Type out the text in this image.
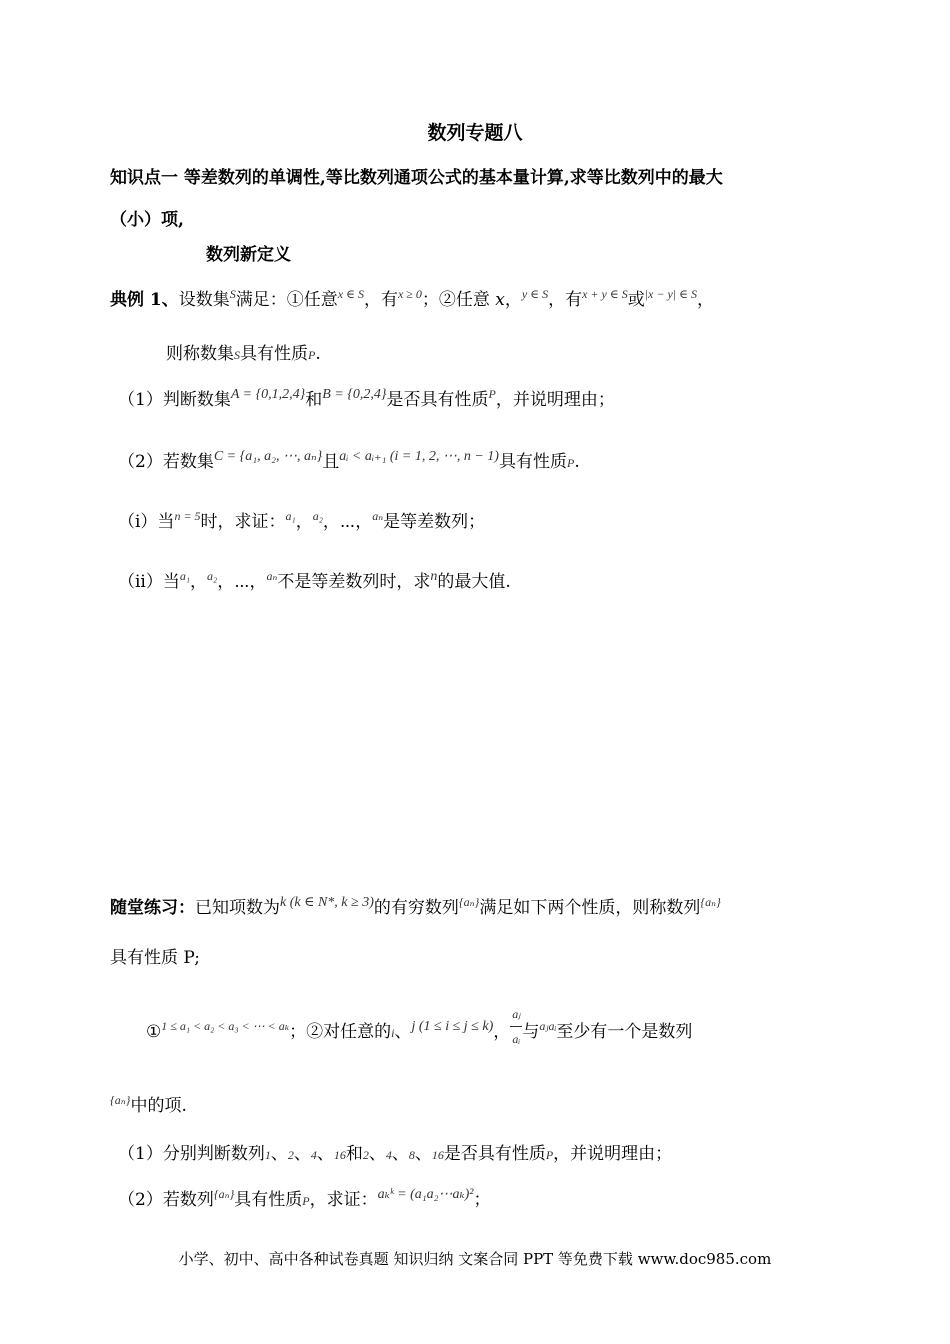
数列专题八
知识点一 等差数列的单调性,等比数列通项公式的基本量计算,求等比数列中的最大
（小）项,
数列新定义
典例 1、设数集$^S$满足：①任意$^{x \in S}$，有$^{x \ge 0}$；②任意 x，$^{y \in S}$，有$^{x + y \in S}$或$^{|x - y| \in S}$，
则称数集S具有性质P.
（1）判断数集$^{A = \{0,1,2,4\}}$和$^{B = \{0,2,4\}}$是否具有性质$^P$，并说明理由；
（2）若数集$^{C = \{a_1, a_2, \cdots, a_n\}}$且$^{aᵢ < aᵢ_{+1} (i = 1, 2, \cdots, n - 1)}$具有性质P.
（i）当$^{n = 5}$时，求证：$^{a_1}$，$^{a_2}$，⋯，$^{a_n}$是等差数列；
（ii）当$^{a_1}$，$^{a_2}$，⋯，$^{a_n}$不是等差数列时，求$^n$的最大值.
随堂练习：已知项数为$^{k (k \in N*, k \ge 3)}$的有穷数列$^{\{a_n\}}$满足如下两个性质，则称数列$^{\{a_n\}}$
具有性质 P;
①$^{1 \le a_1 < a_2 < a_3 < \cdots < a_k}$；②对任意的i、$^{j (1 \le i \le j \le k)}$， $\frac{\text{aⱼ}}{\text{aᵢ}}$ 与$^{aⱼaᵢ}$至少有一个是数列
$^{\{a_n\}}$中的项.
（1）分别判断数列1、2、4、16和2、4、8、16是否具有性质P，并说明理由；
（2）若数列$^{\{a_n\}}$具有性质P，求证：$^{a_kᵏ = (a_1a_2\cdots a_k)^2}$；
小学、初中、高中各种试卷真题 知识归纳 文案合同 PPT 等免费下载 www.doc985.com
